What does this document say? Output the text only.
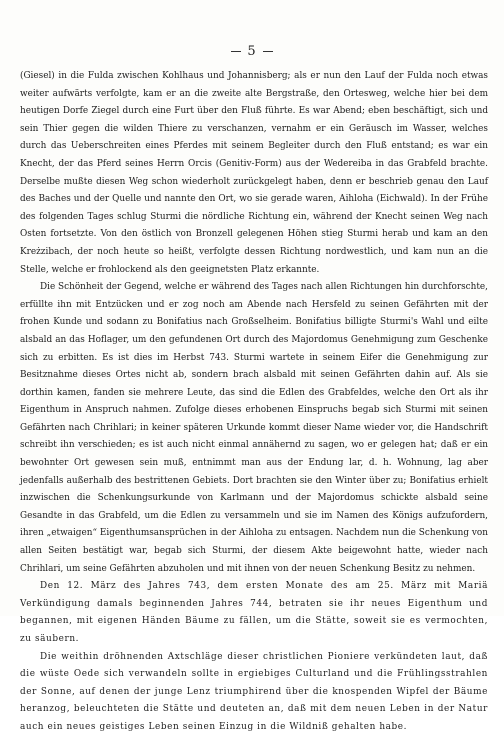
5

(Giesel) in die Fulda zwischen Kohlhaus und Johannisberg; als er nun den Lauf der Fulda noch etwas weiter aufwärts verfolgte, kam er an die zweite alte Bergstraße, den Ortesweg, welche hier bei dem heutigen Dorfe Ziegel durch eine Furt über den Fluß führte. Es war Abend; eben beschäftigt, sich und sein Thier gegen die wilden Thiere zu verschanzen, vernahm er ein Geräusch im Wasser, welches durch das Ueberschreiten eines Pferdes mit seinem Begleiter durch den Fluß entstand; es war ein Knecht, der das Pferd seines Herrn Orcis (Genitiv-Form) aus der Wedereiba in das Grabfeld brachte. Derselbe mußte diesen Weg schon wiederholt zurückgelegt haben, denn er beschrieb genau den Lauf des Baches und der Quelle und nannte den Ort, wo sie gerade waren, Aihloha (Eichwald). In der Frühe des folgenden Tages schlug Sturmi die nördliche Richtung ein, während der Knecht seinen Weg nach Osten fortsetzte. Von den östlich von Bronzell gelegenen Höhen stieg Sturmi herab und kam an den Kreżzibach, der noch heute so heißt, verfolgte dessen Richtung nordwestlich, und kam nun an die Stelle, welche er frohlockend als den geeignetsten Platz erkannte.

Die Schönheit der Gegend, welche er während des Tages nach allen Richtungen hin durchforschte, erfüllte ihn mit Entzücken und er zog noch am Abende nach Hersfeld zu seinen Gefährten mit der frohen Kunde und sodann zu Bonifatius nach Großselheim. Bonifatius billigte Sturmi's Wahl und eilte alsbald an das Hoflager, um den gefundenen Ort durch des Majordomus Genehmigung zum Geschenke sich zu erbitten. Es ist dies im Herbst 743. Sturmi wartete in seinem Eifer die Genehmigung zur Besitznahme dieses Ortes nicht ab, sondern brach alsbald mit seinen Gefährten dahin auf. Als sie dorthin kamen, fanden sie mehrere Leute, das sind die Edlen des Grabfeldes, welche den Ort als ihr Eigenthum in Anspruch nahmen. Zufolge dieses erhobenen Einspruchs begab sich Sturmi mit seinen Gefährten nach Chrihlari; in keiner späteren Urkunde kommt dieser Name wieder vor, die Handschrift schreibt ihn verschieden; es ist auch nicht einmal annähernd zu sagen, wo er gelegen hat; daß er ein bewohnter Ort gewesen sein muß, entnimmt man aus der Endung lar, d. h. Wohnung, lag aber jedenfalls außerhalb des bestrittenen Gebiets. Dort brachten sie den Winter über zu; Bonifatius erhielt inzwischen die Schenkungsurkunde von Karlmann und der Majordomus schickte alsbald seine Gesandte in das Grabfeld, um die Edlen zu versammeln und sie im Namen des Königs aufzufordern, ihren „etwaigen“ Eigenthumsansprüchen in der Aihloha zu entsagen. Nachdem nun die Schenkung von allen Seiten bestätigt war, begab sich Sturmi, der diesem Akte beigewohnt hatte, wieder nach Chrihlari, um seine Gefährten abzuholen und mit ihnen von der neuen Schenkung Besitz zu nehmen.

Den 12. März des Jahres 743, dem ersten Monate des am 25. März mit Mariä Verkündigung damals beginnenden Jahres 744, betraten sie ihr neues Eigenthum und begannen, mit eigenen Händen Bäume zu fällen, um die Stätte, soweit sie es vermochten, zu säubern.

Die weithin dröhnenden Axtschläge dieser christlichen Pioniere verkündeten laut, daß die wüste Oede sich verwandeln sollte in ergiebiges Culturland und die Frühlingsstrahlen der Sonne, auf denen der junge Lenz triumphirend über die knospenden Wipfel der Bäume heranzog, beleuchteten die Stätte und deuteten an, daß mit dem neuen Leben in der Natur auch ein neues geistiges Leben seinen Einzug in die Wildniß gehalten habe.
